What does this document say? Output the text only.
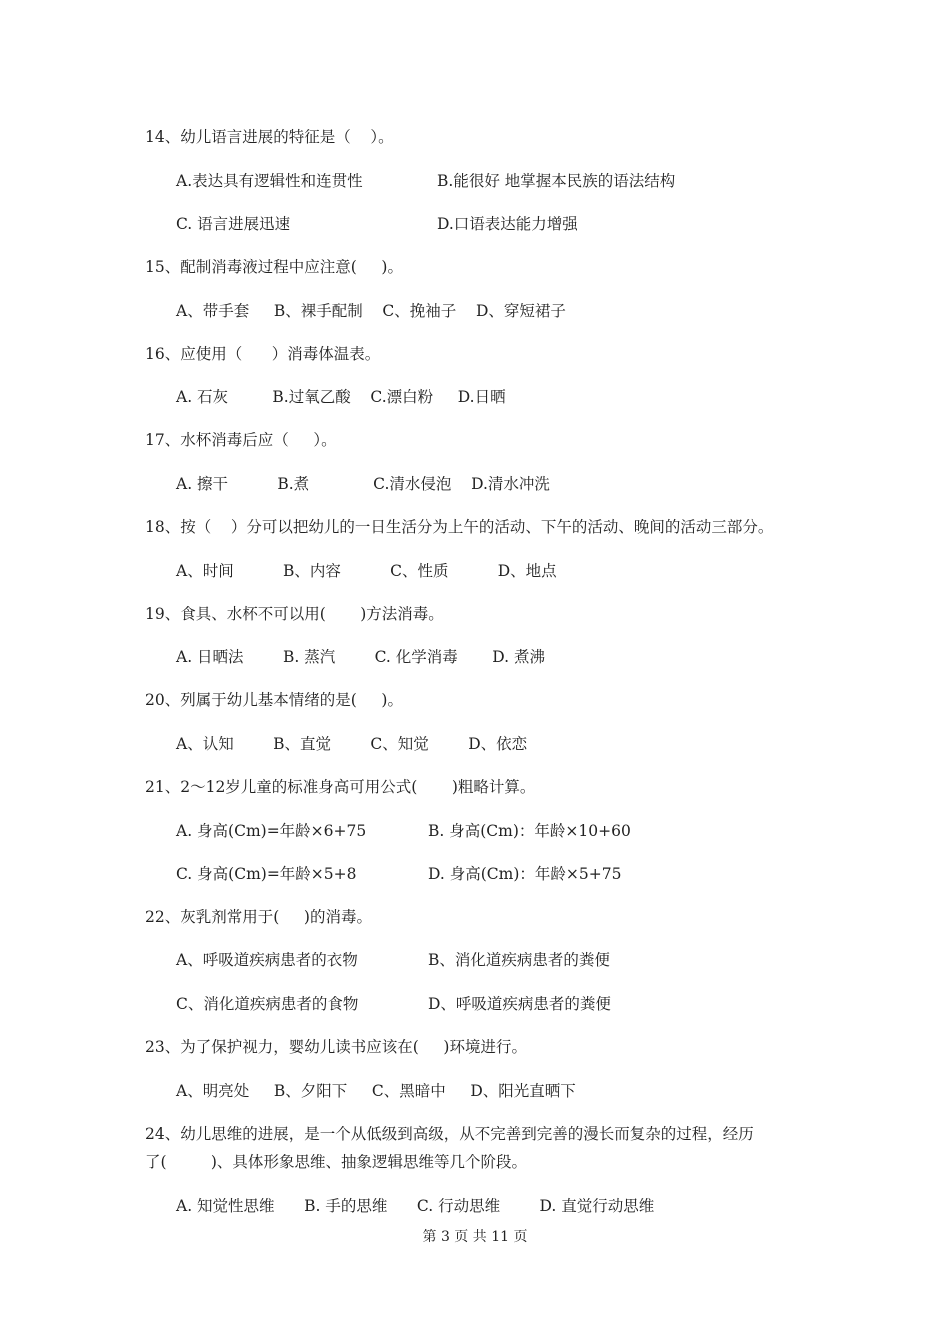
14、幼儿语言进展的特征是（    ）。
A.表达具有逻辑性和连贯性	B.能很好 地掌握本民族的语法结构
C. 语言进展迅速	D.口语表达能力增强
15、配制消毒液过程中应注意(     )。
A、带手套     B、裸手配制    C、挽袖子    D、穿短裙子
16、应使用（      ）消毒体温表。
A. 石灰         B.过氧乙酸    C.漂白粉     D.日晒
17、水杯消毒后应（     ）。
A. 擦干          B.煮             C.清水侵泡    D.清水冲洗
18、按（    ）分可以把幼儿的一日生活分为上午的活动、下午的活动、晚间的活动三部分。
A、时间          B、内容          C、性质          D、地点
19、食具、水杯不可以用(       )方法消毒。
A. 日晒法        B. 蒸汽        C. 化学消毒       D. 煮沸
20、列属于幼儿基本情绪的是(     )。
A、认知        B、直觉        C、知觉        D、依恋
21、2～12岁儿童的标准身高可用公式(       )粗略计算。
A. 身高(Cm)=年龄×6+75	B. 身高(Cm)：年龄×10+60
C. 身高(Cm)=年龄×5+8	D. 身高(Cm)：年龄×5+75
22、灰乳剂常用于(     )的消毒。
A、呼吸道疾病患者的衣物	B、消化道疾病患者的粪便
C、消化道疾病患者的食物	D、呼吸道疾病患者的粪便
23、为了保护视力，婴幼儿读书应该在(     )环境进行。
A、明亮处     B、夕阳下     C、黑暗中     D、阳光直晒下
24、幼儿思维的进展，是一个从低级到高级，从不完善到完善的漫长而复杂的过程，经历
了(         )、具体形象思维、抽象逻辑思维等几个阶段。
A. 知觉性思维      B. 手的思维      C. 行动思维        D. 直觉行动思维
第 3 页 共 11 页
